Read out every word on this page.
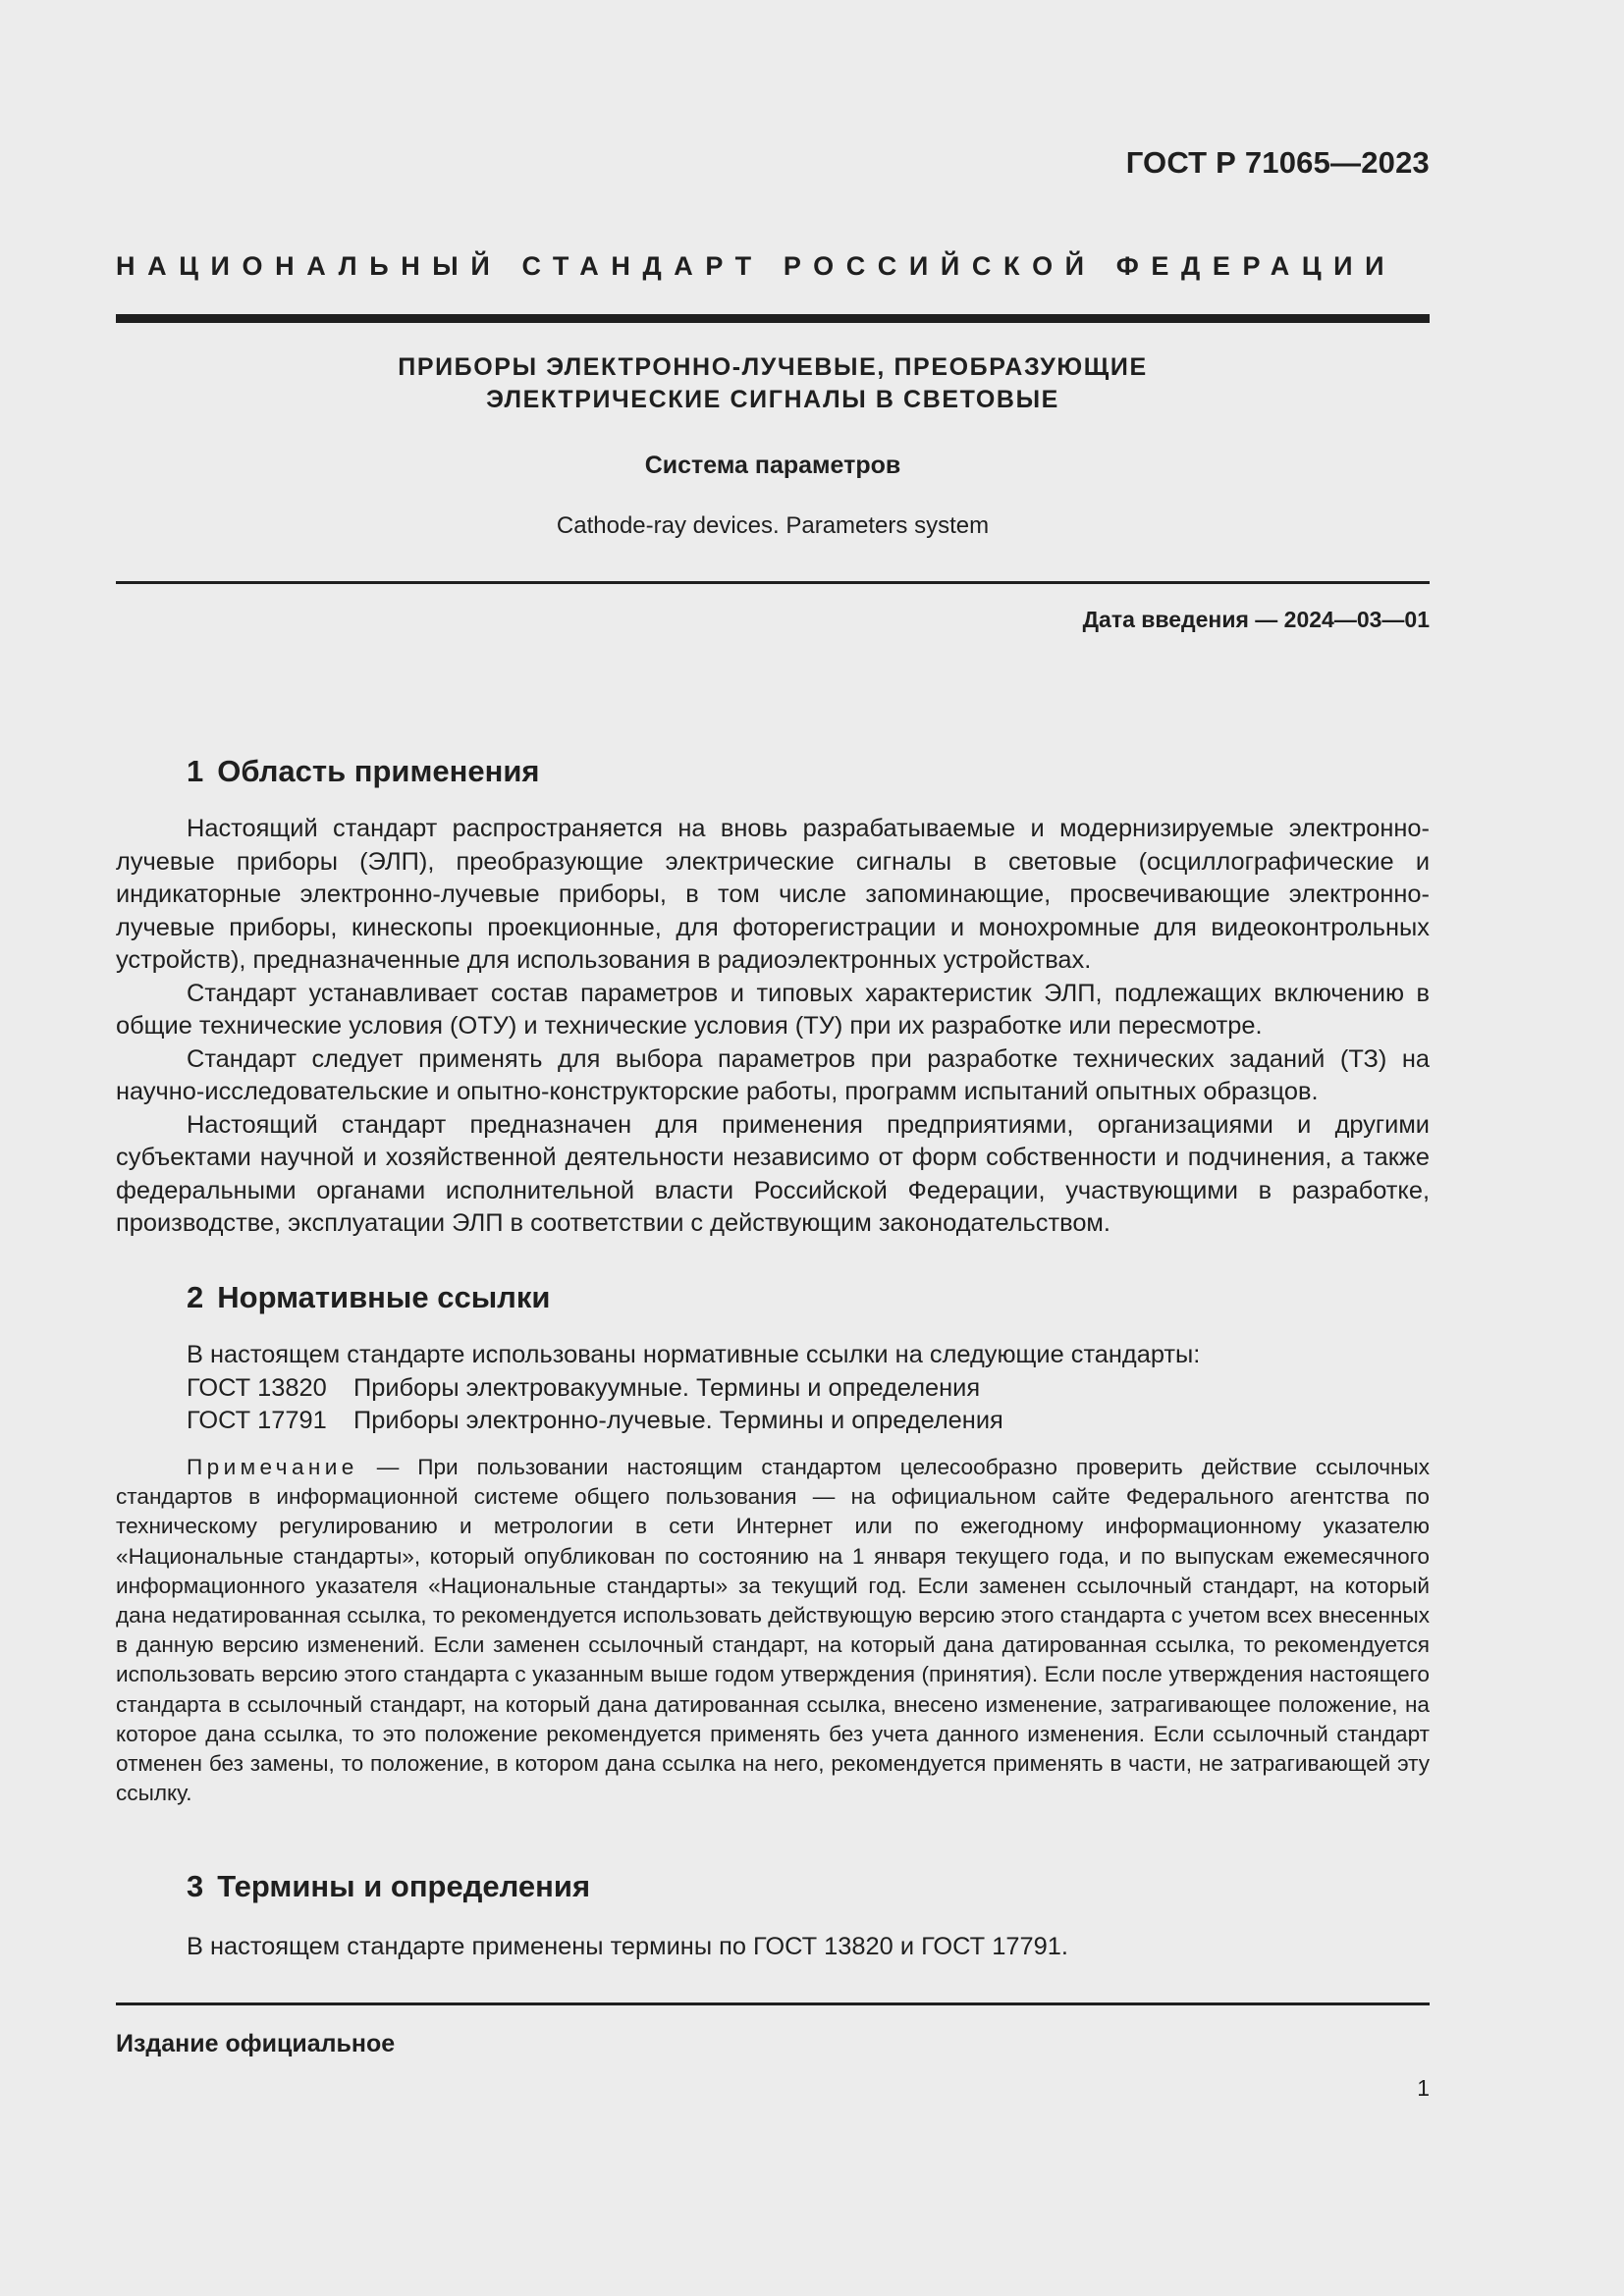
ГОСТ Р 71065—2023
НАЦИОНАЛЬНЫЙ СТАНДАРТ РОССИЙСКОЙ ФЕДЕРАЦИИ
ПРИБОРЫ ЭЛЕКТРОННО-ЛУЧЕВЫЕ, ПРЕОБРАЗУЮЩИЕ
ЭЛЕКТРИЧЕСКИЕ СИГНАЛЫ В СВЕТОВЫЕ
Система параметров
Cathode-ray devices. Parameters system
Дата введения — 2024—03—01
1 Область применения

Настоящий стандарт распространяется на вновь разрабатываемые и модернизируемые электронно-лучевые приборы (ЭЛП), преобразующие электрические сигналы в световые (осциллографические и индикаторные электронно-лучевые приборы, в том числе запоминающие, просвечивающие электронно-лучевые приборы, кинескопы проекционные, для фоторегистрации и монохромные для видеоконтрольных устройств), предназначенные для использования в радиоэлектронных устройствах.

Стандарт устанавливает состав параметров и типовых характеристик ЭЛП, подлежащих включению в общие технические условия (ОТУ) и технические условия (ТУ) при их разработке или пересмотре.

Стандарт следует применять для выбора параметров при разработке технических заданий (ТЗ) на научно-исследовательские и опытно-конструкторские работы, программ испытаний опытных образцов.

Настоящий стандарт предназначен для применения предприятиями, организациями и другими субъектами научной и хозяйственной деятельности независимо от форм собственности и подчинения, а также федеральными органами исполнительной власти Российской Федерации, участвующими в разработке, производстве, эксплуатации ЭЛП в соответствии с действующим законодательством.

2 Нормативные ссылки
В настоящем стандарте использованы нормативные ссылки на следующие стандарты:
ГОСТ 13820 Приборы электровакуумные. Термины и определения
ГОСТ 17791 Приборы электронно-лучевые. Термины и определения
Примечание — При пользовании настоящим стандартом целесообразно проверить действие ссылочных стандартов в информационной системе общего пользования — на официальном сайте Федерального агентства по техническому регулированию и метрологии в сети Интернет или по ежегодному информационному указателю «Национальные стандарты», который опубликован по состоянию на 1 января текущего года, и по выпускам ежемесячного информационного указателя «Национальные стандарты» за текущий год. Если заменен ссылочный стандарт, на который дана недатированная ссылка, то рекомендуется использовать действующую версию этого стандарта с учетом всех внесенных в данную версию изменений. Если заменен ссылочный стандарт, на который дана датированная ссылка, то рекомендуется использовать версию этого стандарта с указанным выше годом утверждения (принятия). Если после утверждения настоящего стандарта в ссылочный стандарт, на который дана датированная ссылка, внесено изменение, затрагивающее положение, на которое дана ссылка, то это положение рекомендуется применять без учета данного изменения. Если ссылочный стандарт отменен без замены, то положение, в котором дана ссылка на него, рекомендуется применять в части, не затрагивающей эту ссылку.
3 Термины и определения
В настоящем стандарте применены термины по ГОСТ 13820 и ГОСТ 17791.
Издание официальное
1
